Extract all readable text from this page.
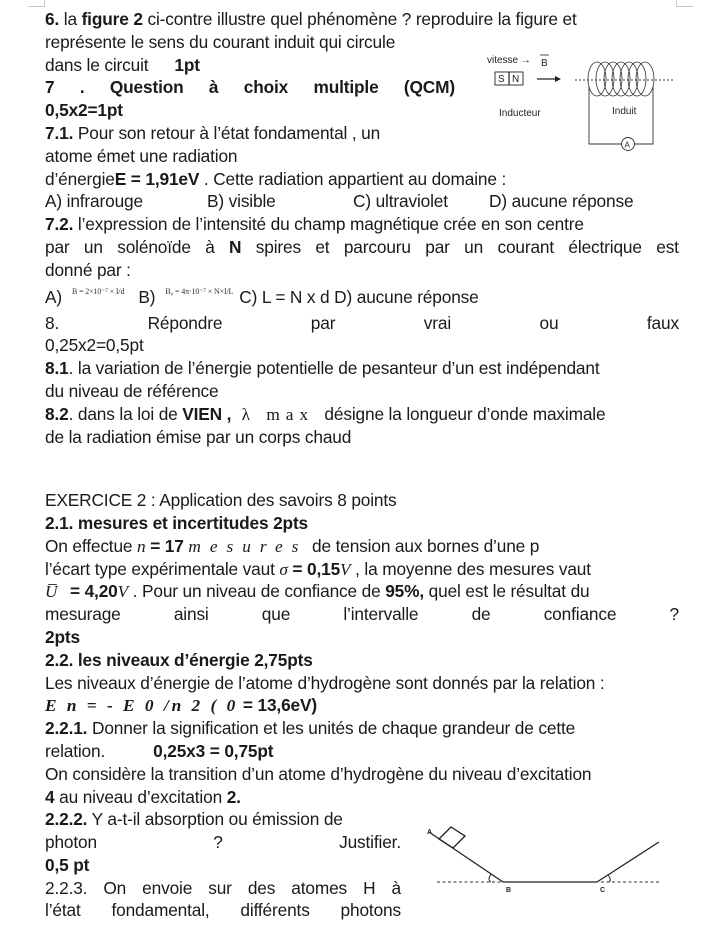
6. la figure 2 ci-contre illustre quel phénomène ? reproduire la figure et
représente le sens du courant induit qui circule
dans le circuit 1pt
7 . Question à choix multiple (QCM)
0,5x2=1pt
7.1. Pour son retour à l’état fondamental , un
atome émet une radiation
d’énergieE = 1,91eV . Cette radiation appartient au domaine :
A) infrarouge	B) visible	C) ultraviolet	D) aucune réponse
7.2. l’expression de l’intensité du champ magnétique crée en son centre
par un solénoïde à N spires et parcouru par un courant électrique est
donné par :
A) $^{B = 2\times 10^{-7} \times I/d}$ B) $^{B_0 = 4\pi\cdot 10^{-7} \times N\times I/L}$ C) L = N x d D) aucune réponse
8.	Répondre	par	vrai	ou	faux
0,25x2=0,5pt
8.1. la variation de l’énergie potentielle de pesanteur d’un est indépendant
du niveau de référence
8.2. dans la loi de VIEN , λ max désigne la longueur d’onde maximale
de la radiation émise par un corps chaud
EXERCICE 2 : Application des savoirs 8 points
2.1. mesures et incertitudes 2pts
On effectue n = 17 mesures de tension aux bornes d’une p
l’écart type expérimentale vaut σ = 0,15V , la moyenne des mesures vaut
U̅ = 4,20V . Pour un niveau de confiance de 95%, quel est le résultat du
mesurage	ainsi	que	l’intervalle	de	confiance	?
2pts
2.2. les niveaux d’énergie 2,75pts
Les niveaux d’énergie de l’atome d’hydrogène sont donnés par la relation :
E n = - E 0 /n 2 ( 0 = 13,6eV)
2.2.1. Donner la signification et les unités de chaque grandeur de cette
relation.	0,25x3 = 0,75pt
On considère la transition d’un atome d’hydrogène du niveau d’excitation
4 au niveau d’excitation 2.
2.2.2. Y a-t-il absorption ou émission de
photon	?	Justifier.
0,5 pt
2.2.3. On envoie sur des atomes H à
l’état fondamental, différents photons
vitesse → B
S N
Inducteur	Induit
A
A
B	C
